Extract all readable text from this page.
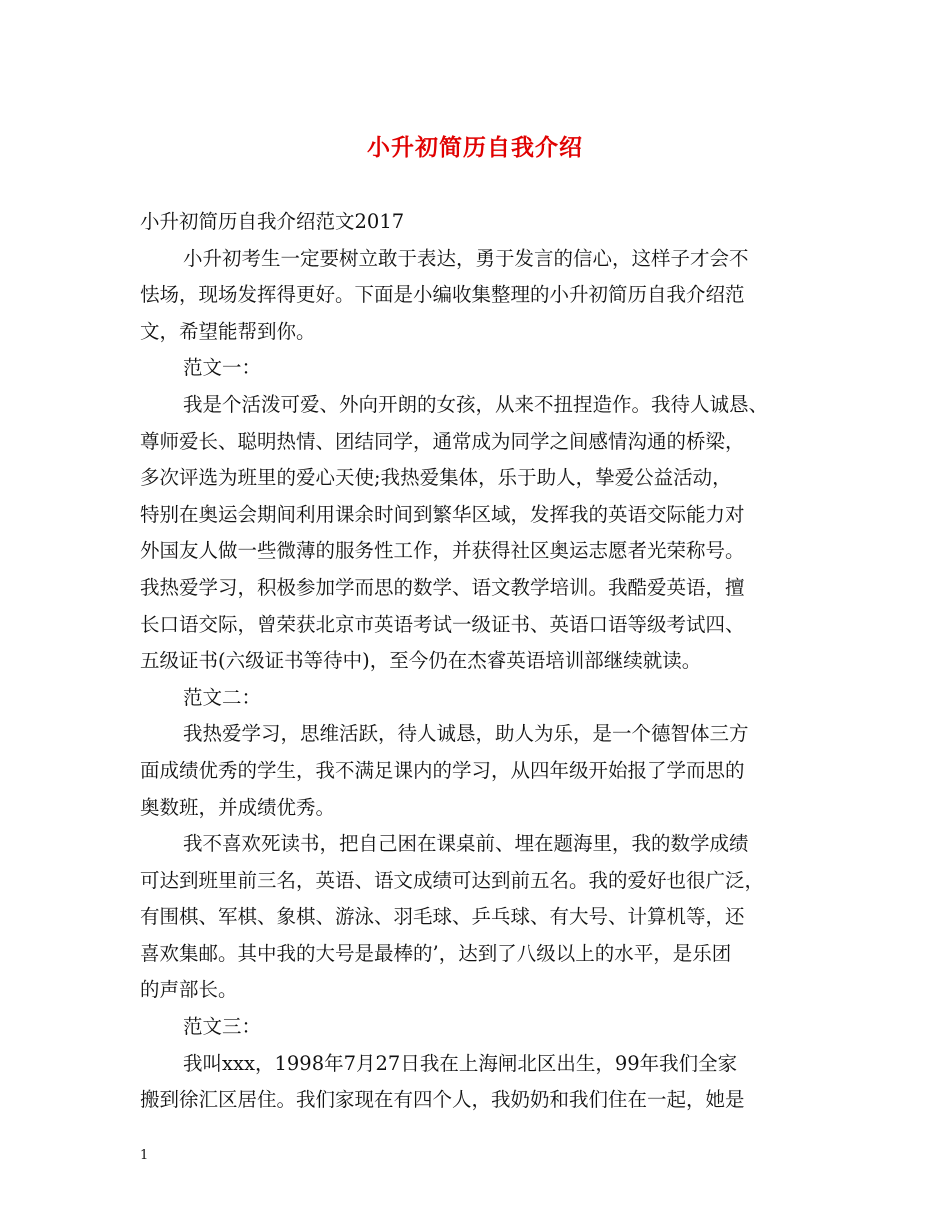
小升初简历自我介绍
小升初简历自我介绍范文2017
小升初考生一定要树立敢于表达，勇于发言的信心，这样子才会不
怯场，现场发挥得更好。下面是小编收集整理的小升初简历自我介绍范
文，希望能帮到你。
范文一：
我是个活泼可爱、外向开朗的女孩，从来不扭捏造作。我待人诚恳、
尊师爱长、聪明热情、团结同学，通常成为同学之间感情沟通的桥梁，
多次评选为班里的爱心天使;我热爱集体，乐于助人，挚爱公益活动，
特别在奥运会期间利用课余时间到繁华区域，发挥我的英语交际能力对
外国友人做一些微薄的服务性工作，并获得社区奥运志愿者光荣称号。
我热爱学习，积极参加学而思的数学、语文教学培训。我酷爱英语，擅
长口语交际，曾荣获北京市英语考试一级证书、英语口语等级考试四、
五级证书(六级证书等待中)，至今仍在杰睿英语培训部继续就读。
范文二：
我热爱学习，思维活跃，待人诚恳，助人为乐，是一个德智体三方
面成绩优秀的学生，我不满足课内的学习，从四年级开始报了学而思的
奥数班，并成绩优秀。
我不喜欢死读书，把自己困在课桌前、埋在题海里，我的数学成绩
可达到班里前三名，英语、语文成绩可达到前五名。我的爱好也很广泛，
有围棋、军棋、象棋、游泳、羽毛球、乒乓球、有大号、计算机等，还
喜欢集邮。其中我的大号是最棒的’，达到了八级以上的水平，是乐团
的声部长。
范文三：
我叫xxx，1998年7月27日我在上海闸北区出生，99年我们全家
搬到徐汇区居住。我们家现在有四个人，我奶奶和我们住在一起，她是
1
